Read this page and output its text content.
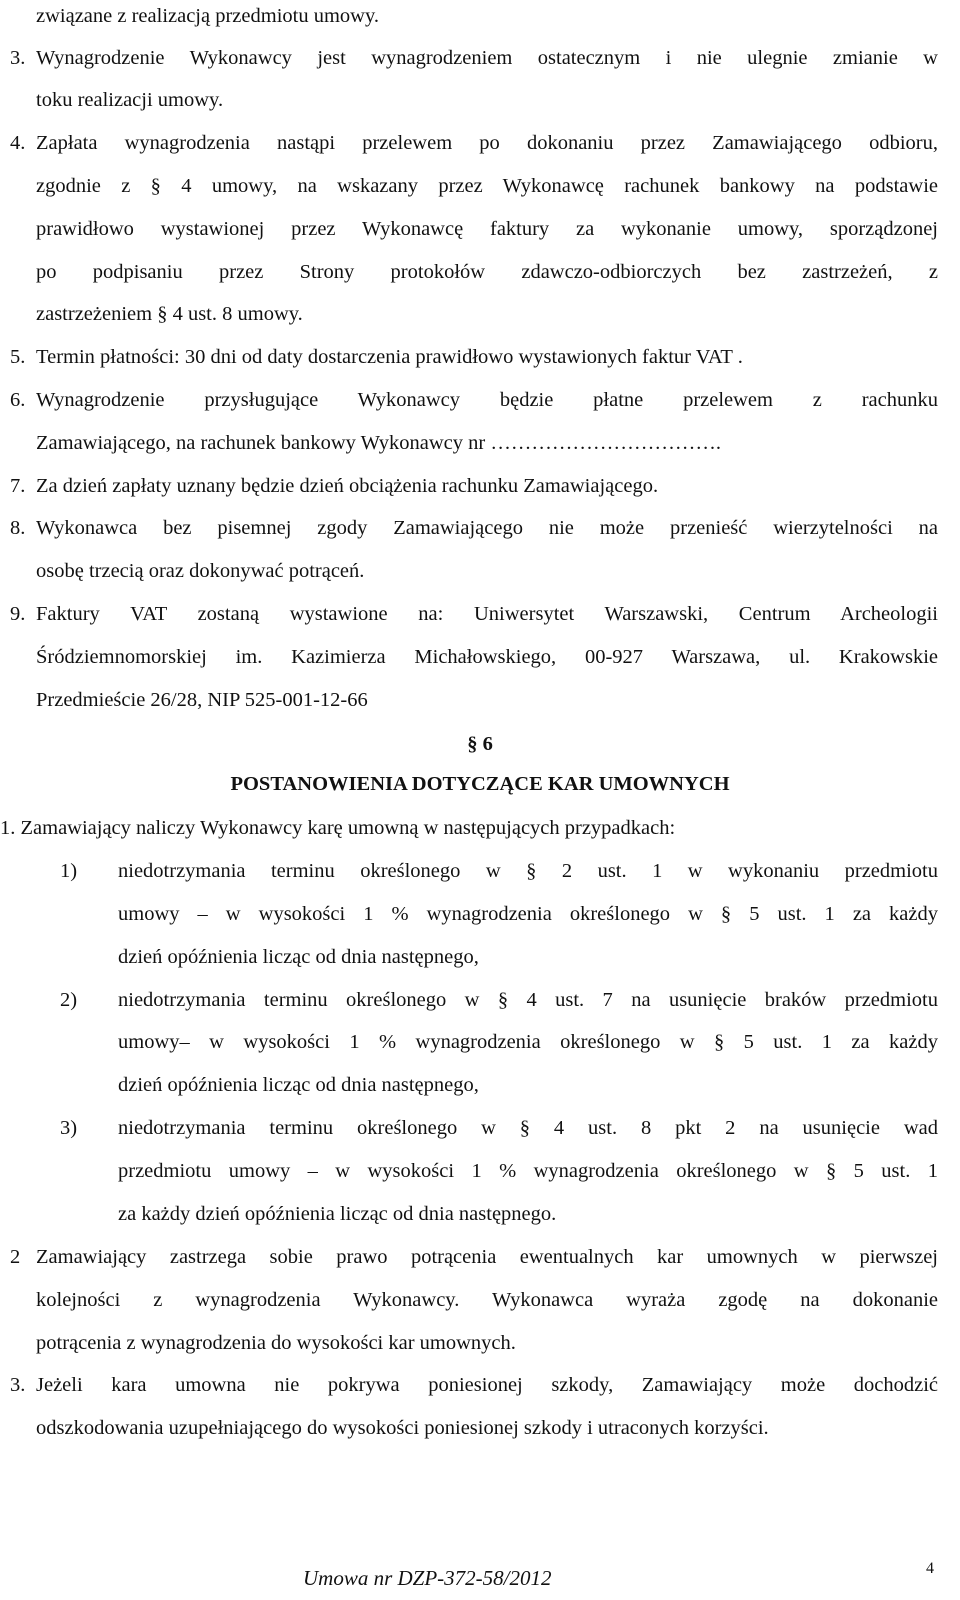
związane z realizacją przedmiotu umowy.
3. Wynagrodzenie Wykonawcy jest wynagrodzeniem ostatecznym i nie ulegnie zmianie w
toku realizacji umowy.
4. Zapłata wynagrodzenia nastąpi przelewem po dokonaniu przez Zamawiającego odbioru,
zgodnie z § 4 umowy, na wskazany przez Wykonawcę rachunek bankowy na podstawie
prawidłowo wystawionej przez Wykonawcę faktury za wykonanie umowy, sporządzonej
po podpisaniu przez Strony protokołów zdawczo-odbiorczych bez zastrzeżeń, z
zastrzeżeniem § 4 ust. 8 umowy.
5. Termin płatności: 30 dni od daty dostarczenia prawidłowo wystawionych faktur VAT .
6. Wynagrodzenie przysługujące Wykonawcy będzie płatne przelewem z rachunku
Zamawiającego, na rachunek bankowy Wykonawcy nr …………………………….
7. Za dzień zapłaty uznany będzie dzień obciążenia rachunku Zamawiającego.
8. Wykonawca bez pisemnej zgody Zamawiającego nie może przenieść wierzytelności na
osobę trzecią oraz dokonywać potrąceń.
9. Faktury VAT zostaną wystawione na: Uniwersytet Warszawski, Centrum Archeologii
Śródziemnomorskiej im. Kazimierza Michałowskiego, 00-927 Warszawa, ul. Krakowskie
Przedmieście 26/28, NIP 525-001-12-66
§ 6
POSTANOWIENIA DOTYCZĄCE KAR UMOWNYCH
1. Zamawiający naliczy Wykonawcy karę umowną w następujących przypadkach:
1) niedotrzymania terminu określonego w § 2 ust. 1 w wykonaniu przedmiotu
umowy – w wysokości 1 % wynagrodzenia określonego w § 5 ust. 1 za każdy
dzień opóźnienia licząc od dnia następnego,
2) niedotrzymania terminu określonego w § 4 ust. 7 na usunięcie braków przedmiotu
umowy– w wysokości 1 % wynagrodzenia określonego w § 5 ust. 1 za każdy
dzień opóźnienia licząc od dnia następnego,
3) niedotrzymania terminu określonego w § 4 ust. 8 pkt 2 na usunięcie wad
przedmiotu umowy – w wysokości 1 % wynagrodzenia określonego w § 5 ust. 1
za każdy dzień opóźnienia licząc od dnia następnego.
2 Zamawiający zastrzega sobie prawo potrącenia ewentualnych kar umownych w pierwszej
kolejności z wynagrodzenia Wykonawcy. Wykonawca wyraża zgodę na dokonanie
potrącenia z wynagrodzenia do wysokości kar umownych.
3. Jeżeli kara umowna nie pokrywa poniesionej szkody, Zamawiający może dochodzić
odszkodowania uzupełniającego do wysokości poniesionej szkody i utraconych korzyści.
Umowa nr DZP-372-58/2012	4
